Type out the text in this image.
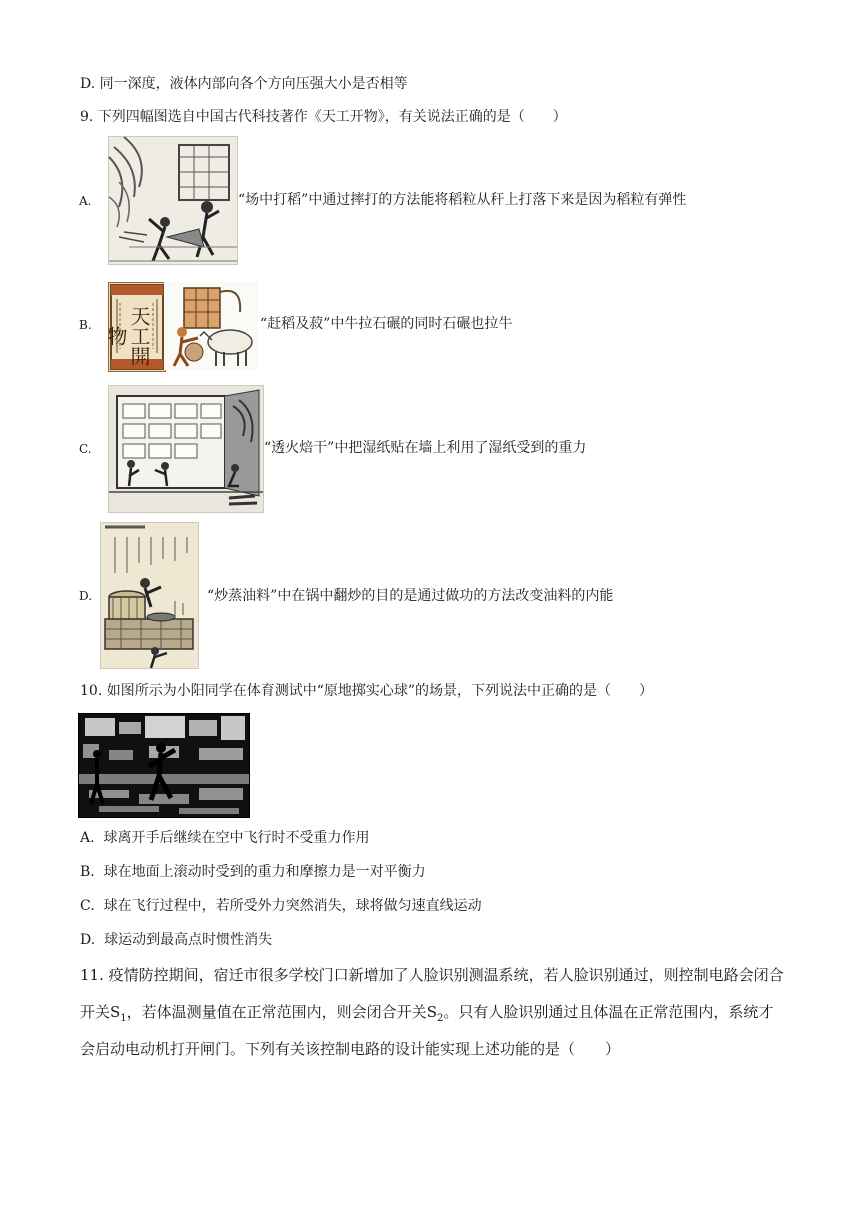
D. 同一深度，液体内部向各个方向压强大小是否相等
9. 下列四幅图选自中国古代科技著作《天工开物》，有关说法正确的是（　　）
A.	“场中打稻”中通过摔打的方法能将稻粒从秆上打落下来是因为稻粒有弹性
B. 天工開物
“赶稻及菽”中牛拉石碾的同时石碾也拉牛
C.	“透火焙干”中把湿纸贴在墙上利用了湿纸受到的重力
D.	“炒蒸油料”中在锅中翻炒的目的是通过做功的方法改变油料的内能
10. 如图所示为小阳同学在体育测试中“原地掷实心球”的场景，下列说法中正确的是（　　）
A. 球离开手后继续在空中飞行时不受重力作用
B. 球在地面上滚动时受到的重力和摩擦力是一对平衡力
C. 球在飞行过程中，若所受外力突然消失，球将做匀速直线运动
D. 球运动到最高点时惯性消失
11. 疫情防控期间，宿迁市很多学校门口新增加了人脸识别测温系统，若人脸识别通过，则控制电路会闭合
开关$S_1$，若体温测量值在正常范围内，则会闭合开关$S_2$。只有人脸识别通过且体温在正常范围内，系统才
会启动电动机打开闸门。下列有关该控制电路的设计能实现上述功能的是（　　）
